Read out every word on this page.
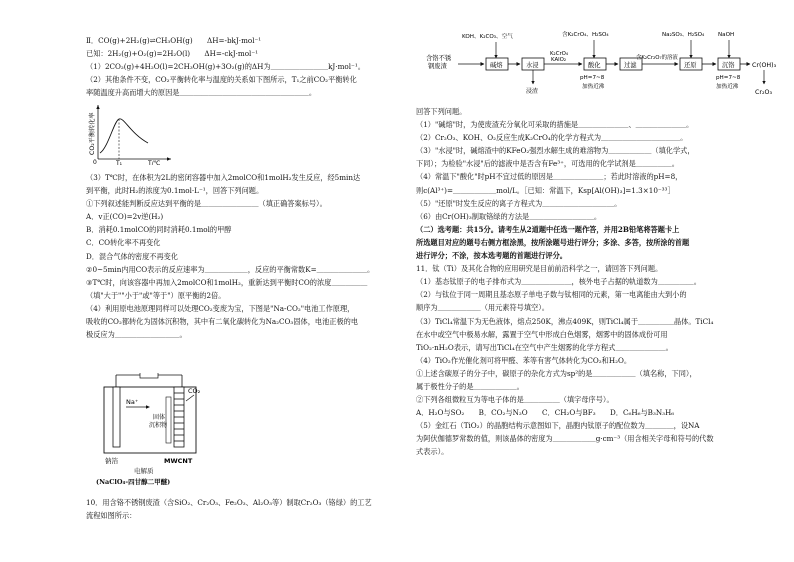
Ⅱ．CO(g)+2H₂(g)⇌CH₃OH(g)　　ΔH=-bkJ·mol⁻¹
已知：2H₂(g)+O₂(g)=2H₂O(l)　　ΔH=-ckJ·mol⁻¹
（1）2CO₂(g)+4H₂O(l)=2CH₃OH(g)+3O₂(g)的ΔH为＿＿＿＿＿＿＿＿kJ·mol⁻¹。
（2）其他条件不变，CO₂平衡转化率与温度的关系如下图所示，T₁之前CO₂平衡转化
率随温度升高而增大的原因是＿＿＿＿＿＿＿＿＿＿＿＿＿＿＿＿＿＿。
CO₂平衡转化率
0	T₁	T/℃
（3）T℃时，在体积为2L的密闭容器中加入2molCO和1molH₂发生反应，经5min达
到平衡，此时H₂的浓度为0.1mol·L⁻¹，回答下列问题。
①下列叙述能判断反应达到平衡的是＿＿＿＿＿＿＿＿（填正确答案标号）。
A．v正(CO)=2v逆(H₂)
B．消耗0.1molCO的同时消耗0.1mol的甲醇
C．CO转化率不再变化
D．混合气体的密度不再变化
②0~5min内用CO表示的反应速率为＿＿＿＿＿＿，反应的平衡常数K=＿＿＿＿＿＿＿。
③T℃时，向该容器中再加入2molCO和1molH₂，重新达到平衡时CO的浓度＿＿＿＿＿
（填"大于""小于"或"等于"）原平衡的2倍。
（4）利用原电池原理同样可以处理CO₂变废为宝，下图是"Na-CO₂"电池工作原理，
吸收的CO₂都转化为固体沉积物，其中有二氧化碳转化为Na₂CO₃固体，电池正极的电
极反应为＿＿＿＿＿＿＿＿＿。
Na⁺
固体
沉积物
CO₂
钠箔	MWCNT
电解质
(NaClO₄-四甘醇二甲醚)
10．用含铬不锈钢废渣（含SiO₂、Cr₂O₃、Fe₂O₃、Al₂O₃等）制取Cr₂O₃（铬绿）的工艺
流程如图所示：
含铬不锈
钢废渣
KOH、K₂CO₃、空气
碱熔	水浸
浸渣
K₂CrO₄
KAlO₂
含K₂CrO₄、H₂SO₄
酸化
pH=7~8
加热近沸
过滤
含K₂Cr₂O₇的溶液
Na₂SO₃、H₂SO₄
还原
NaOH
沉铬
pH=7~8
加热近沸
Cr(OH)₃
Cr₂O₃
回答下列问题。
（1）"碱熔"时，为使废渣充分氧化可采取的措施是＿＿＿＿＿＿＿、＿＿＿＿＿＿＿。
（2）Cr₂O₃、KOH、O₂反应生成K₂CrO₄的化学方程式为＿＿＿＿＿＿＿＿＿＿＿。
（3）"水浸"时，碱熔渣中的KFeO₂强烈水解生成的难溶物为＿＿＿＿＿＿（填化学式，
下同）；为检验"水浸"后的滤液中是否含有Fe³⁺，可选用的化学试剂是＿＿＿＿＿。
（4）常温下"酸化"时pH不宜过低的原因是＿＿＿＿＿＿＿；若此时溶液的pH=8，
则c(Al³⁺)=＿＿＿＿＿＿mol/L。［已知：常温下，Ksp[Al(OH)₃]=1.3×10⁻³³］
（5）"还原"时发生反应的离子方程式为＿＿＿＿＿＿＿＿＿＿。
（6）由Cr(OH)₃制取铬绿的方法是＿＿＿＿＿＿＿＿＿。
（二）选考题：共15分。请考生从2道题中任选一题作答，并用2B铅笔将答题卡上
所选题目对应的题号右侧方框涂黑，按所涂题号进行评分；多涂、多答，按所涂的首题
进行评分；不涂，按本选考题的首题进行评分。
11．钛（Ti）及其化合物的应用研究是目前前沿科学之一，请回答下列问题。
（1）基态钛原子的电子排布式为＿＿＿＿＿＿＿，核外电子占据的轨道数为＿＿＿＿＿。
（2）与钛位于同一周期且基态原子单电子数与钛相同的元素，第一电离能由大到小的
顺序为＿＿＿＿＿＿（用元素符号填空）。
（3）TiCl₄常温下为无色液体，熔点250K，沸点409K，则TiCl₄属于＿＿＿＿＿晶体。TiCl₄
在水中或空气中极易水解，露置于空气中形成白色烟雾，烟雾中的固体成份可用
TiO₂·nH₂O表示，请写出TiCl₄在空气中产生烟雾的化学方程式＿＿＿＿＿＿＿。
（4）TiO₂作光催化剂可将甲醛、苯等有害气体转化为CO₂和H₂O。
①上述含碳原子的分子中，碳原子的杂化方式为sp²的是＿＿＿＿＿＿（填名称，下同），
属于极性分子的是＿＿＿＿＿＿。
②下列各组微粒互为等电子体的是＿＿＿＿＿（填字母序号）。
A．H₂O与SO₂　　B．CO₂与N₂O　　C．CH₂O与BF₃　　D．C₆H₆与B₃N₃H₆
（5）金红石（TiO₂）的晶胞结构示意图如下，晶胞内钛原子的配位数为＿＿＿＿，设NA
为阿伏伽德罗常数的值，则该晶体的密度为＿＿＿＿＿＿g·cm⁻³（用含相关字母和符号的代数
式表示）。
